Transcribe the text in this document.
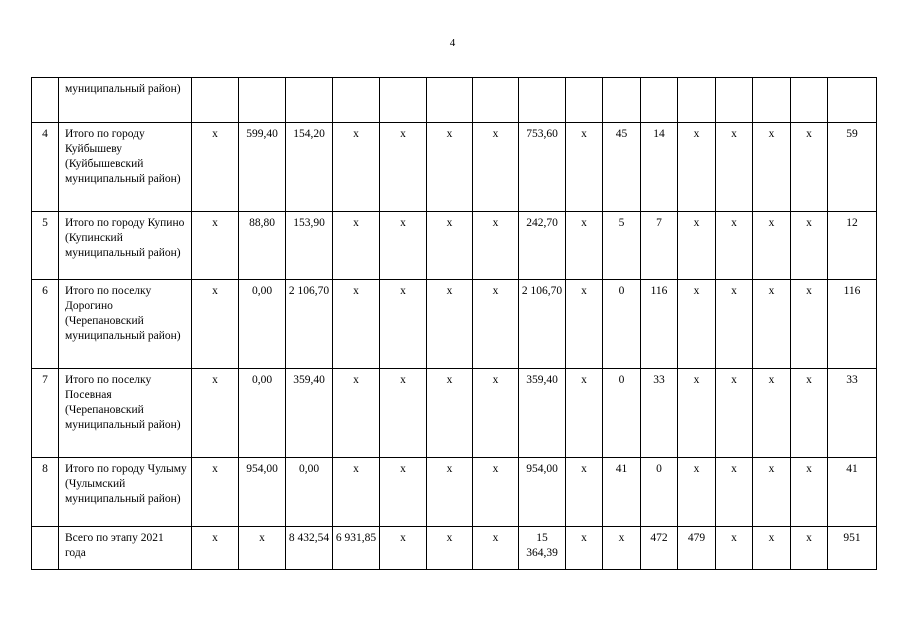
4
	муниципальный район)																
4	Итого по городу Куйбышеву (Куйбышевский муниципальный район)	х	599,40	154,20	х	х	х	х	753,60	х	45	14	х	х	х	х	59
5	Итого по городу Купино (Купинский муниципальный район)	х	88,80	153,90	х	х	х	х	242,70	х	5	7	х	х	х	х	12
6	Итого по поселку Дорогино (Черепановский муниципальный район)	х	0,00	2 106,70	х	х	х	х	2 106,70	х	0	116	х	х	х	х	116
7	Итого по поселку Посевная (Черепановский муниципальный район)	х	0,00	359,40	х	х	х	х	359,40	х	0	33	х	х	х	х	33
8	Итого по городу Чулыму (Чулымский муниципальный район)	х	954,00	0,00	х	х	х	х	954,00	х	41	0	х	х	х	х	41
	Всего по этапу 2021 года	х	х	8 432,54	6 931,85	х	х	х	15 364,39	х	х	472	479	х	х	х	951
